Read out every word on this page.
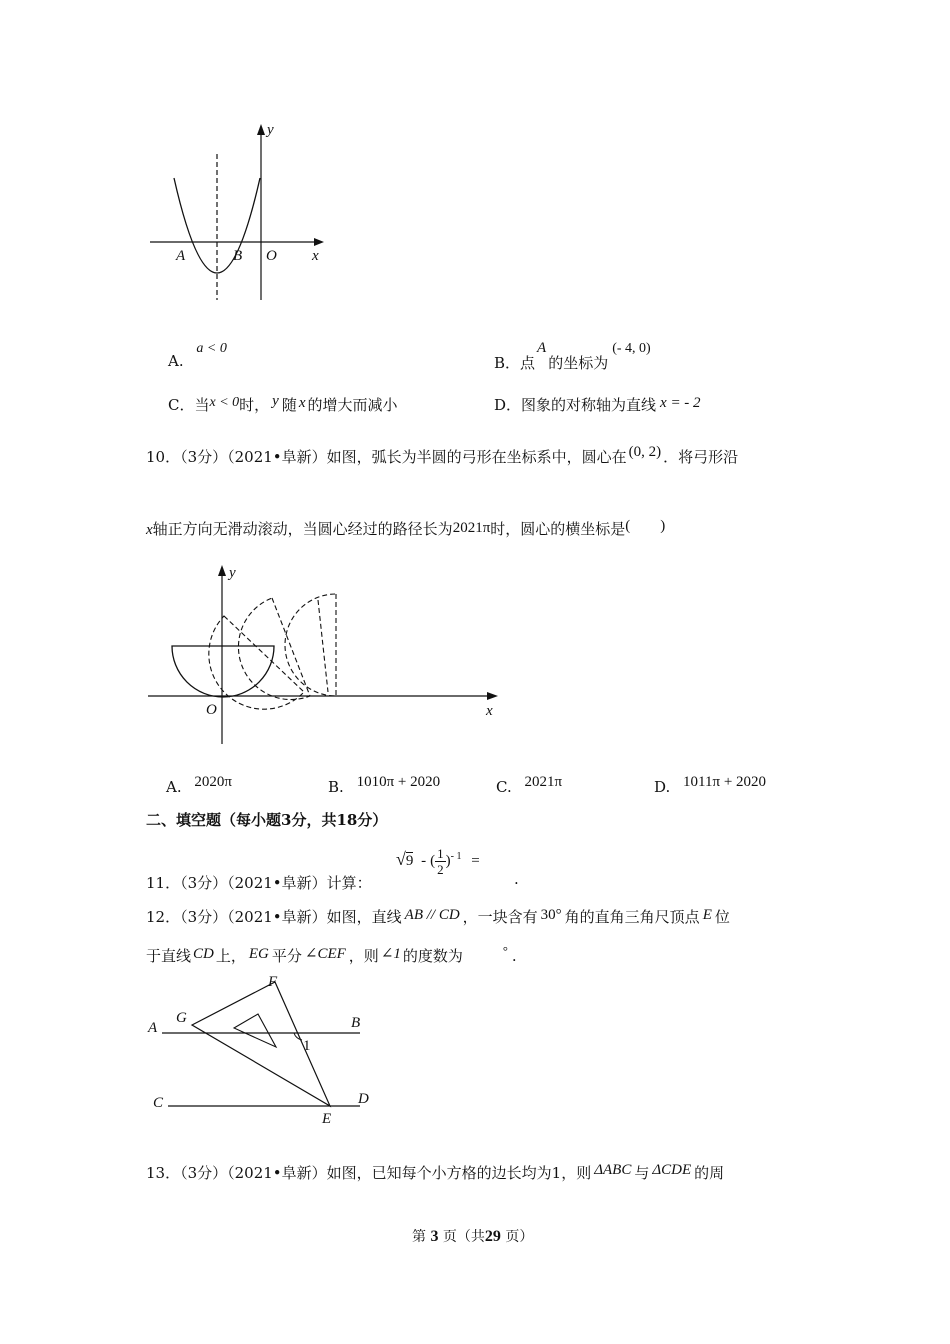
y
x
A	B O
A. a < 0
B．点A的坐标为(- 4, 0)
C．当x < 0时， y 随 x 的增大而减小	D．图象的对称轴为直线 x = - 2
10．（3分）（2021•阜新）如图，弧长为半圆的弓形在坐标系中，圆心在 (0, 2) ．将弓形沿
x轴正方向无滑动滚动，当圆心经过的路径长为2021π时，圆心的横坐标是(　　)
y
x
O
A. 2020π	B. 1010π + 2020	C. 2021π	D. 1011π + 2020
二、填空题（每小题3分，共18分）
11．（3分）（2021•阜新）计算：
√9 - ( $\frac{1}{2} )^{- 1}$ =
.
12．（3分）（2021•阜新）如图，直线 AB // CD ，一块含有 30° 角的直角三角尺顶点 E 位
于直线 CD 上， EG 平分 ∠CEF ，则 ∠1 的度数为	° .
A
G	B
F
1
C	D
E
13．（3分）（2021•阜新）如图，已知每个小方格的边长均为1，则 ΔABC 与 ΔCDE 的周
第 3 页（共29 页）
